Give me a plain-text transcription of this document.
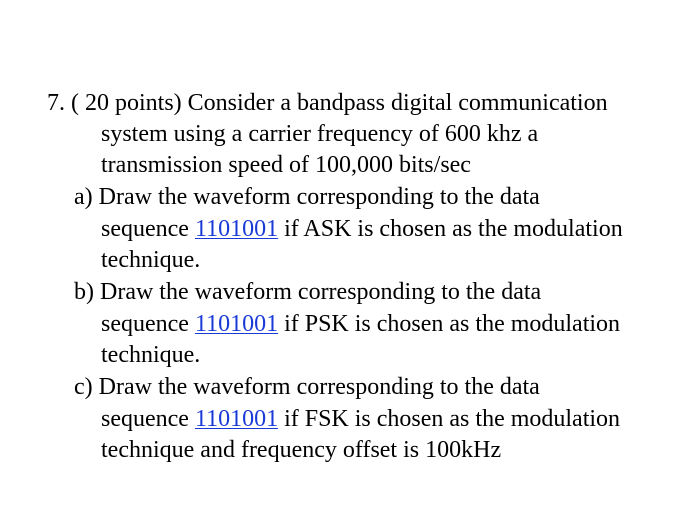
7. ( 20 points) Consider a bandpass digital communication
system using a carrier frequency of 600 khz a
transmission speed of 100,000 bits/sec
a) Draw the waveform corresponding to the data
sequence 1101001 if ASK is chosen as the modulation
technique.
b) Draw the waveform corresponding to the data
sequence 1101001 if PSK is chosen as the modulation
technique.
c) Draw the waveform corresponding to the data
sequence 1101001 if FSK is chosen as the modulation
technique and frequency offset is 100kHz
